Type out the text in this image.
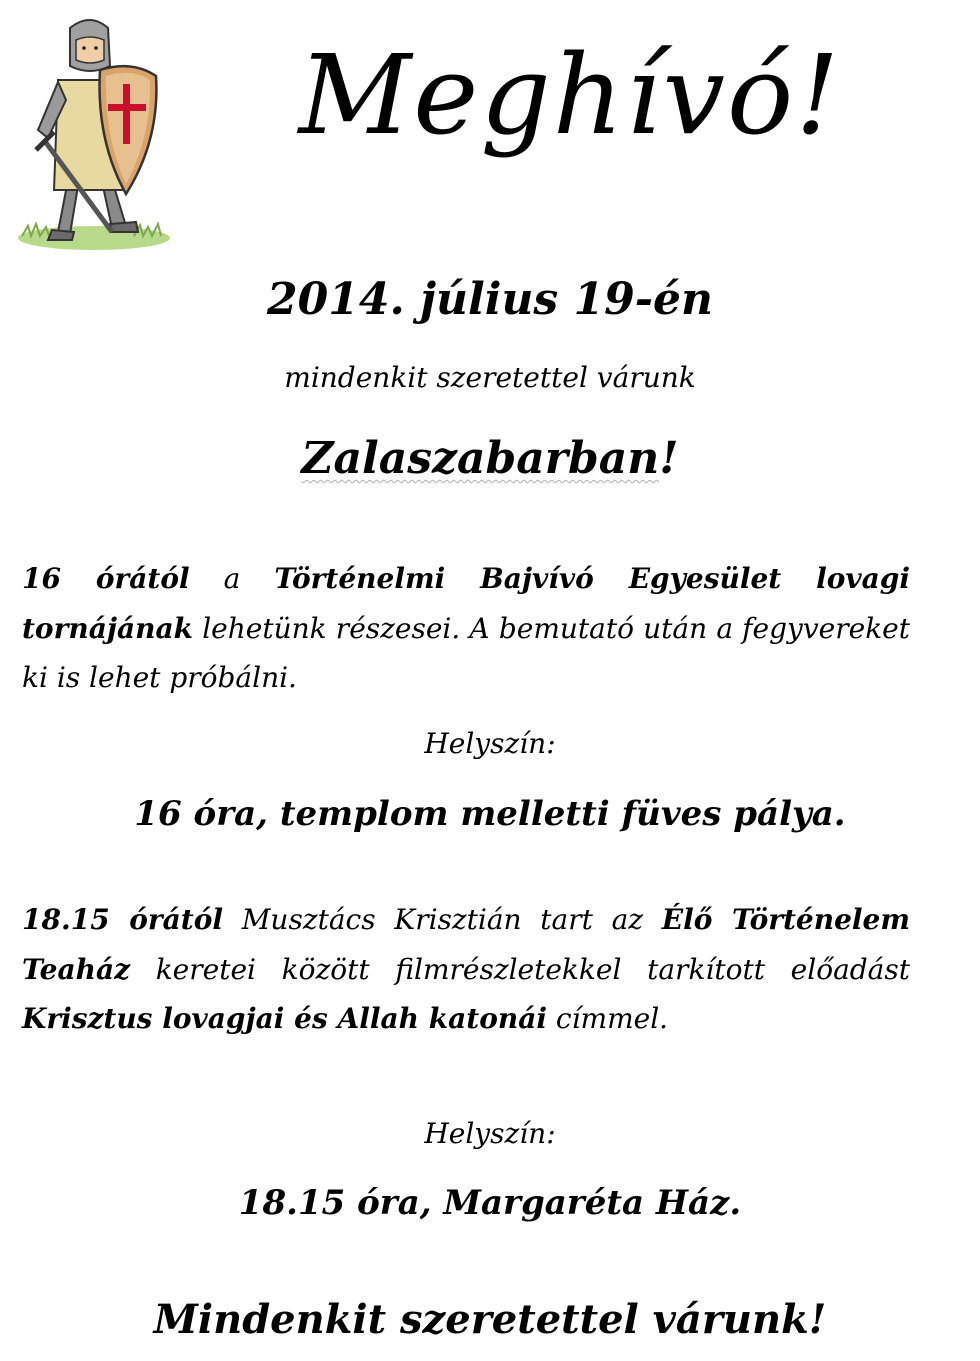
Meghívó!
2014. július 19-én
mindenkit szeretettel várunk
Zalaszabarban!
16 órától a Történelmi Bajvívó Egyesület lovagi tornájának lehetünk részesei. A bemutató után a fegyvereket ki is lehet próbálni.
Helyszín:
16 óra, templom melletti füves pálya.
18.15 órától Musztács Krisztián tart az Élő Történelem Teaház keretei között filmrészletekkel tarkított előadást Krisztus lovagjai és Allah katonái címmel.
Helyszín:
18.15 óra, Margaréta Ház.
Mindenkit szeretettel várunk!
